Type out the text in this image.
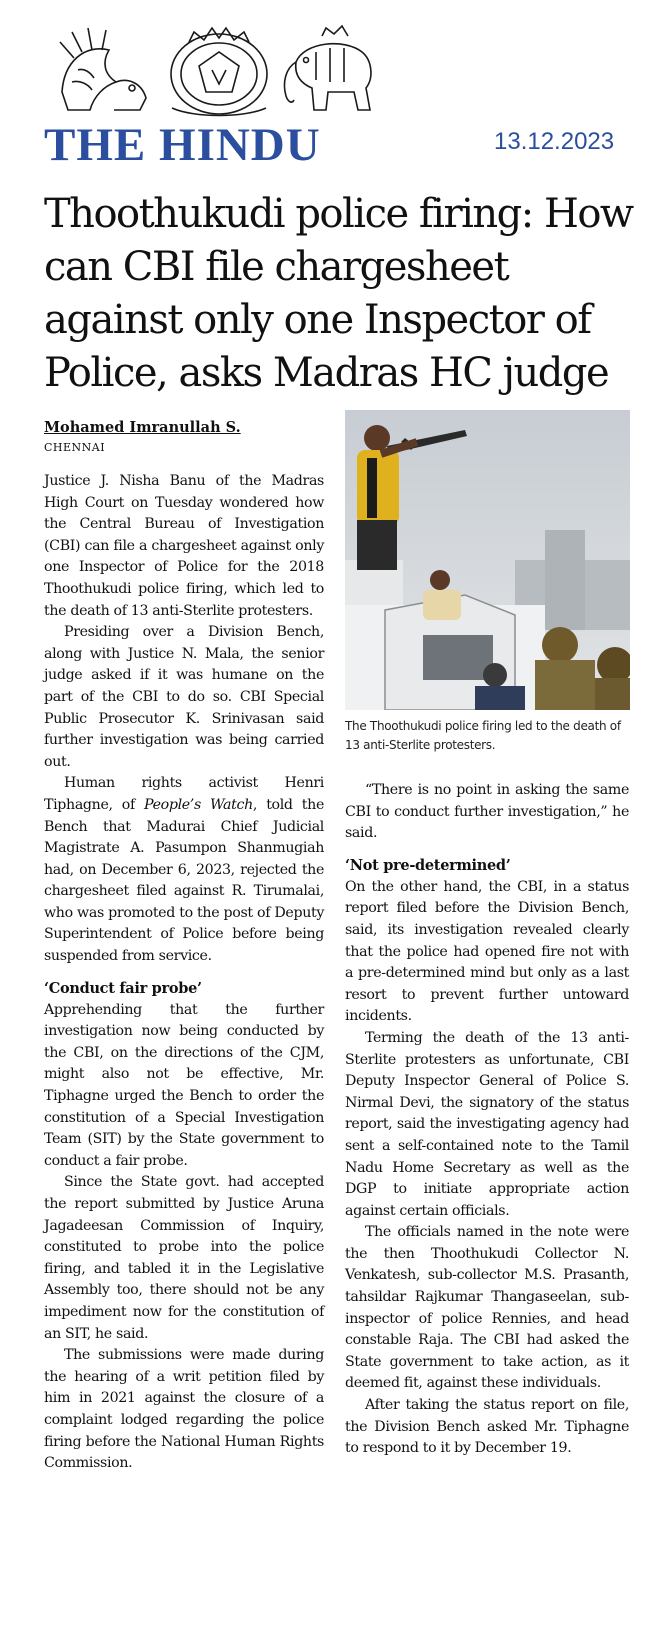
THE HINDU	13.12.2023
Thoothukudi police firing: How can CBI file chargesheet against only one Inspector of Police, asks Madras HC judge
Mohamed Imranullah S.
CHENNAI
The Thoothukudi police firing led to the death of 13 anti-Sterlite protesters.

Justice J. Nisha Banu of the Madras High Court on Tuesday wondered how the Central Bureau of Investigation (CBI) can file a chargesheet against only one Inspector of Police for the 2018 Thoothukudi police firing, which led to the death of 13 anti-Sterlite protesters.

Presiding over a Division Bench, along with Justice N. Mala, the senior judge asked if it was humane on the part of the CBI to do so. CBI Special Public Prosecutor K. Srinivasan said further investigation was being carried out.

Human rights activist Henri Tiphagne, of People’s Watch, told the Bench that Madurai Chief Judicial Magistrate A. Pasumpon Shanmugiah had, on December 6, 2023, rejected the chargesheet filed against R. Tirumalai, who was promoted to the post of Deputy Superintendent of Police before being suspended from service.

‘Conduct fair probe’

Apprehending that the further investigation now being conducted by the CBI, on the directions of the CJM, might also not be effective, Mr. Tiphagne urged the Bench to order the constitution of a Special Investigation Team (SIT) by the State government to conduct a fair probe.

Since the State govt. had accepted the report submitted by Justice Aruna Jagadeesan Commission of Inquiry, constituted to probe into the police firing, and tabled it in the Legislative Assembly too, there should not be any impediment now for the constitution of an SIT, he said.

The submissions were made during the hearing of a writ petition filed by him in 2021 against the closure of a complaint lodged regarding the police firing before the National Human Rights Commission.

“There is no point in asking the same CBI to conduct further investigation,” he said.

‘Not pre-determined’

On the other hand, the CBI, in a status report filed before the Division Bench, said, its investigation revealed clearly that the police had opened fire not with a pre-determined mind but only as a last resort to prevent further untoward incidents.

Terming the death of the 13 anti-Sterlite protesters as unfortunate, CBI Deputy Inspector General of Police S. Nirmal Devi, the signatory of the status report, said the investigating agency had sent a self-contained note to the Tamil Nadu Home Secretary as well as the DGP to initiate appropriate action against certain officials.

The officials named in the note were the then Thoothukudi Collector N. Venkatesh, sub-collector M.S. Prasanth, tahsildar Rajkumar Thangaseelan, sub-inspector of police Rennies, and head constable Raja. The CBI had asked the State government to take action, as it deemed fit, against these individuals.

After taking the status report on file, the Division Bench asked Mr. Tiphagne to respond to it by December 19.
